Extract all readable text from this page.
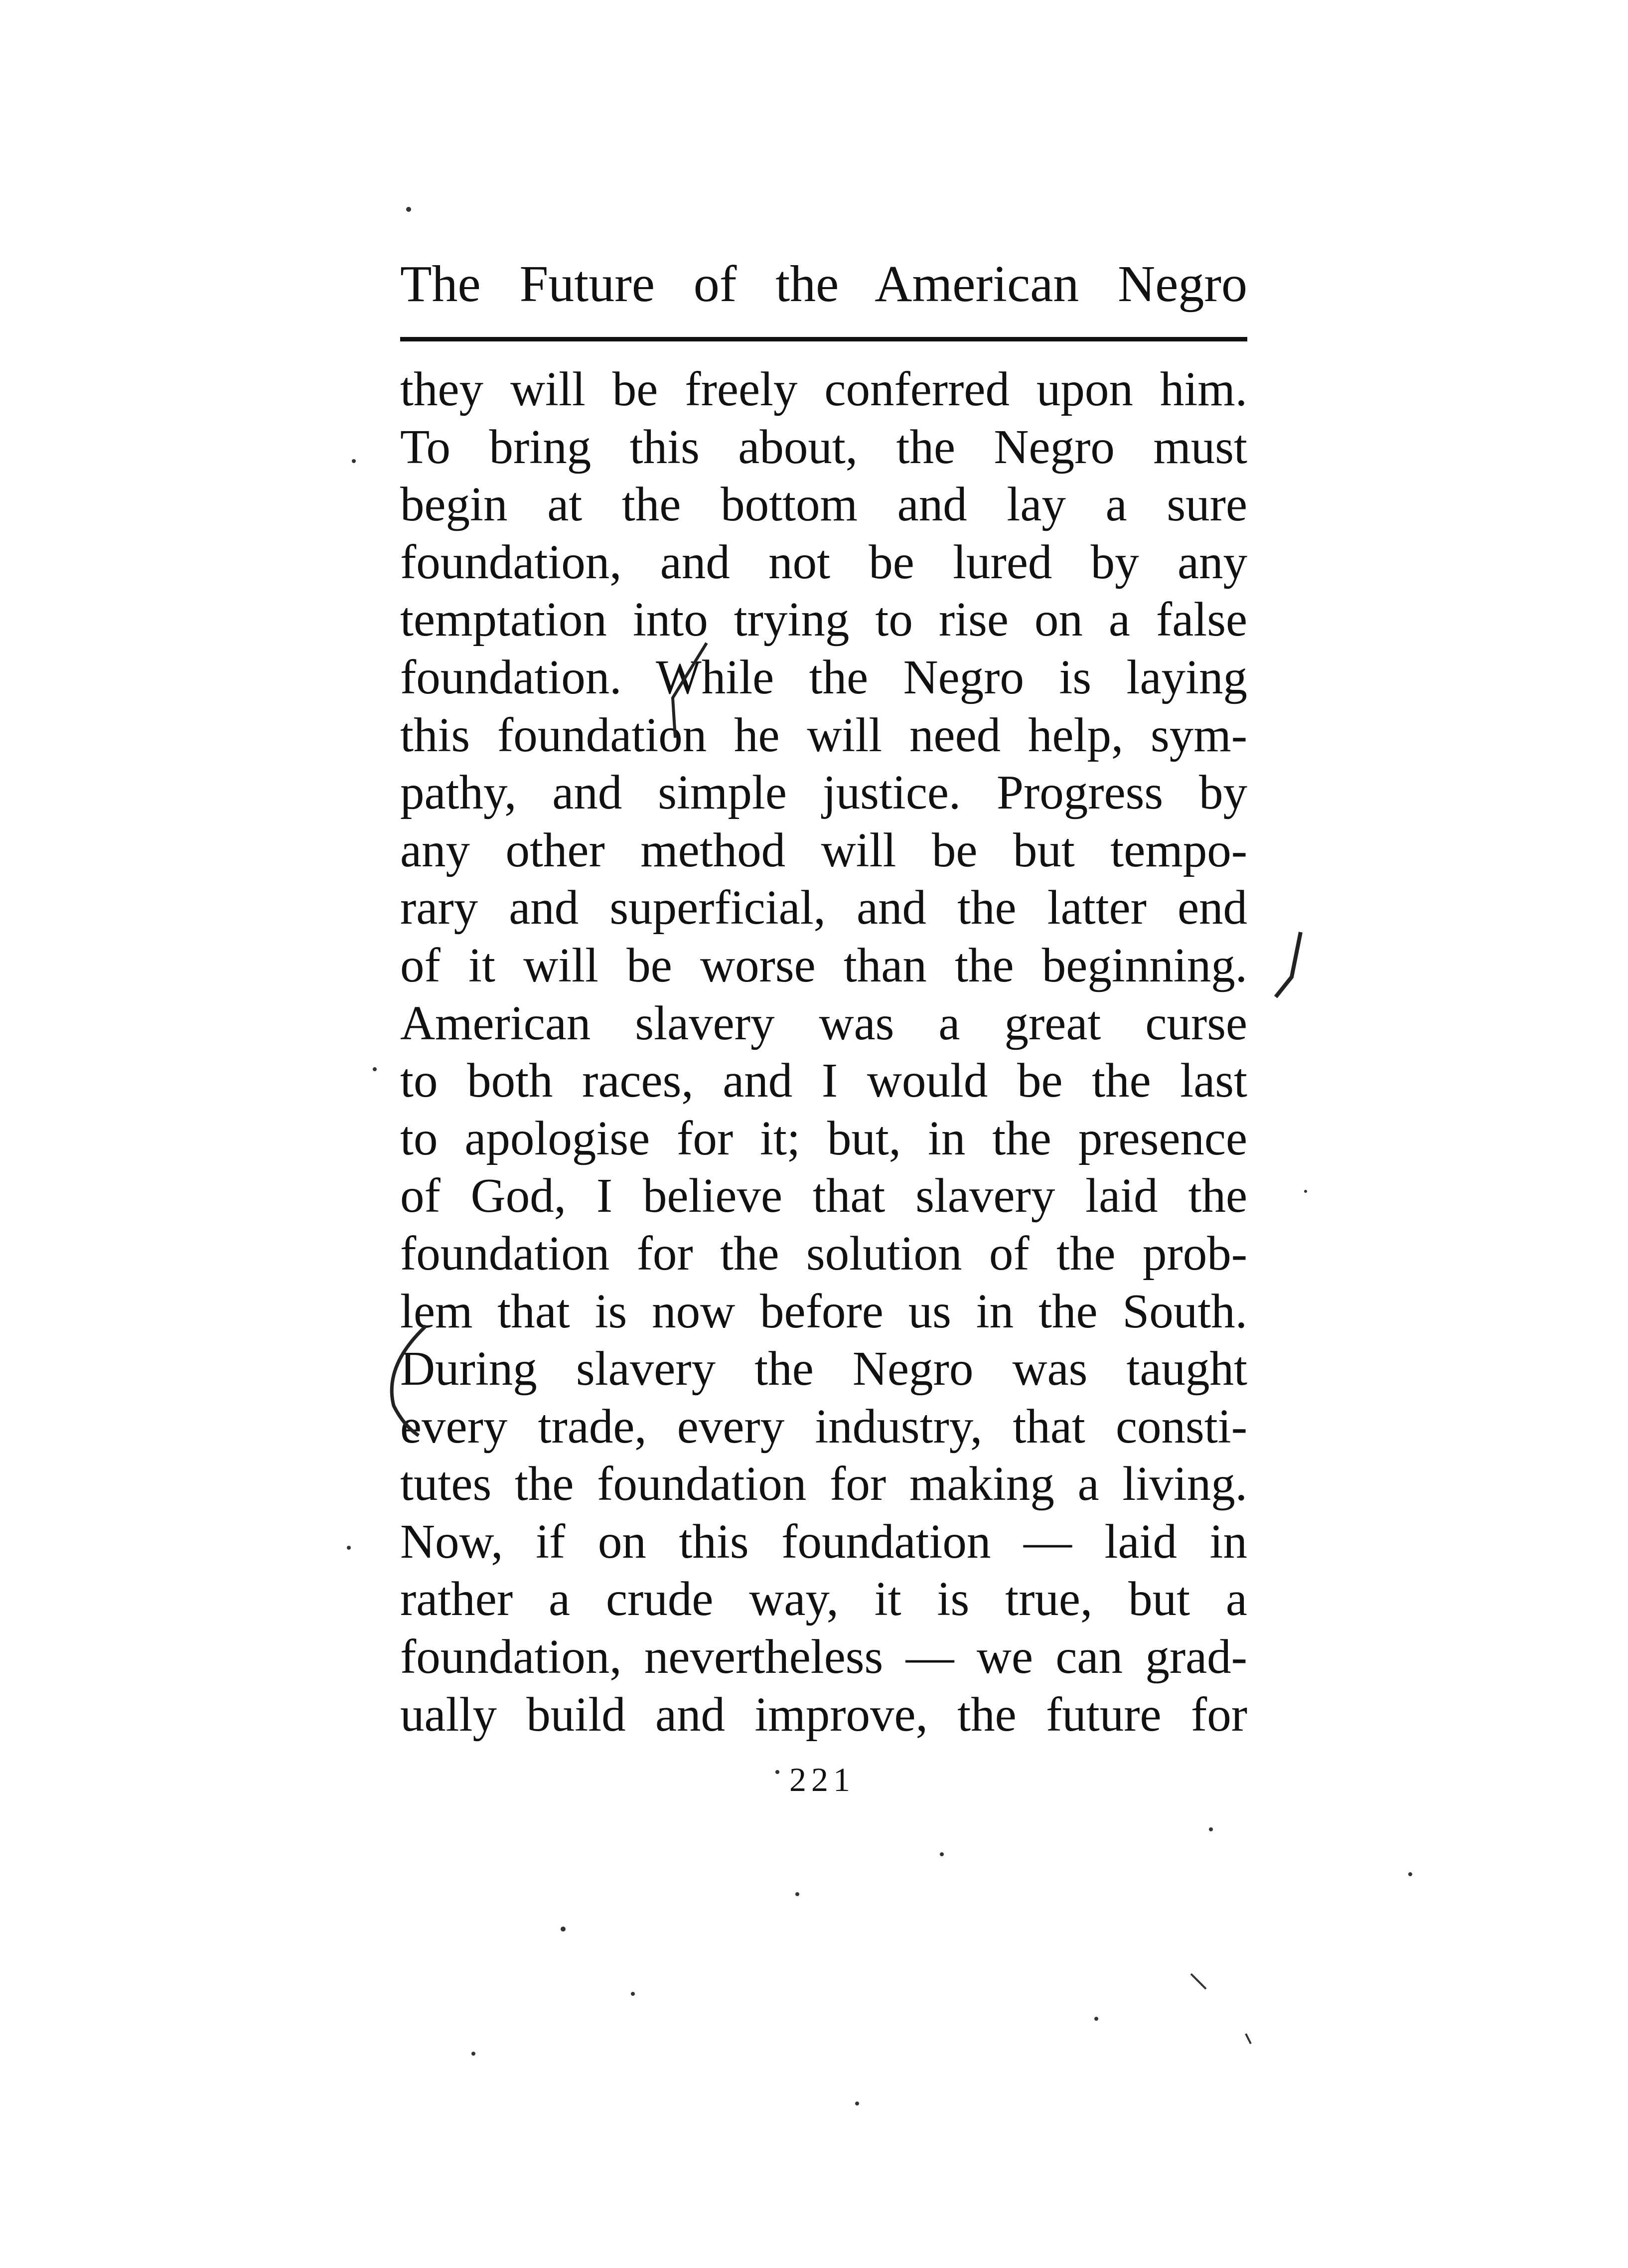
The Future of the American Negro
they will be freely conferred upon him.
To bring this about, the Negro must
begin at the bottom and lay a sure
foundation, and not be lured by any
temptation into trying to rise on a false
foundation. While the Negro is laying
this foundation he will need help, sym-
pathy, and simple justice. Progress by
any other method will be but tempo-
rary and superficial, and the latter end
of it will be worse than the beginning.
American slavery was a great curse
to both races, and I would be the last
to apologise for it; but, in the presence
of God, I believe that slavery laid the
foundation for the solution of the prob-
lem that is now before us in the South.
During slavery the Negro was taught
every trade, every industry, that consti-
tutes the foundation for making a living.
Now, if on this foundation — laid in
rather a crude way, it is true, but a
foundation, nevertheless — we can grad-
ually build and improve, the future for
221
